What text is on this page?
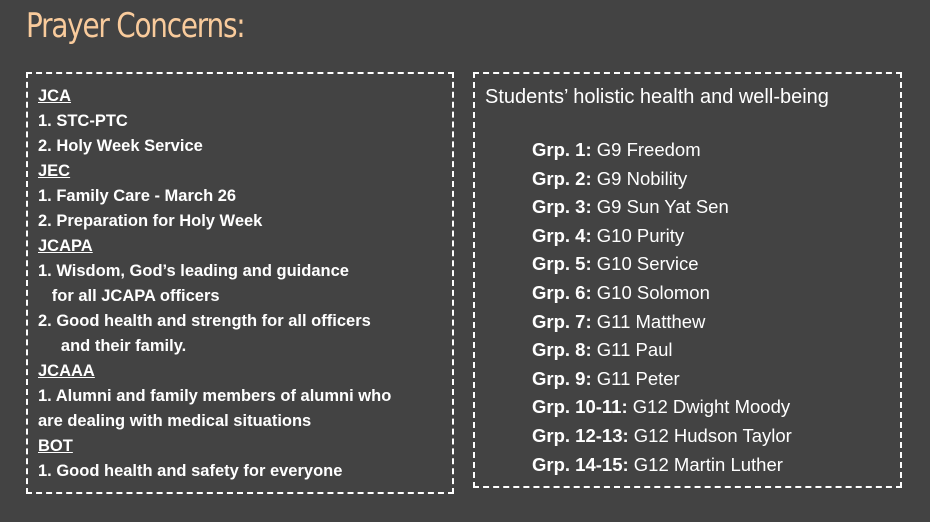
Prayer Concerns:
JCA
1. STC-PTC
2. Holy Week Service
JEC
1. Family Care - March 26
2. Preparation for Holy Week
JCAPA
1. Wisdom, God’s leading and guidance
for all JCAPA officers
2. Good health and strength for all officers
and their family.
JCAAA
1. Alumni and family members of alumni who
are dealing with medical situations
BOT
1. Good health and safety for everyone
Students’ holistic health and well-being
Grp. 1: G9 Freedom
Grp. 2: G9 Nobility
Grp. 3: G9 Sun Yat Sen
Grp. 4: G10 Purity
Grp. 5: G10 Service
Grp. 6: G10 Solomon
Grp. 7: G11 Matthew
Grp. 8: G11 Paul
Grp. 9: G11 Peter
Grp. 10-11: G12 Dwight Moody
Grp. 12-13: G12 Hudson Taylor
Grp. 14-15: G12 Martin Luther
